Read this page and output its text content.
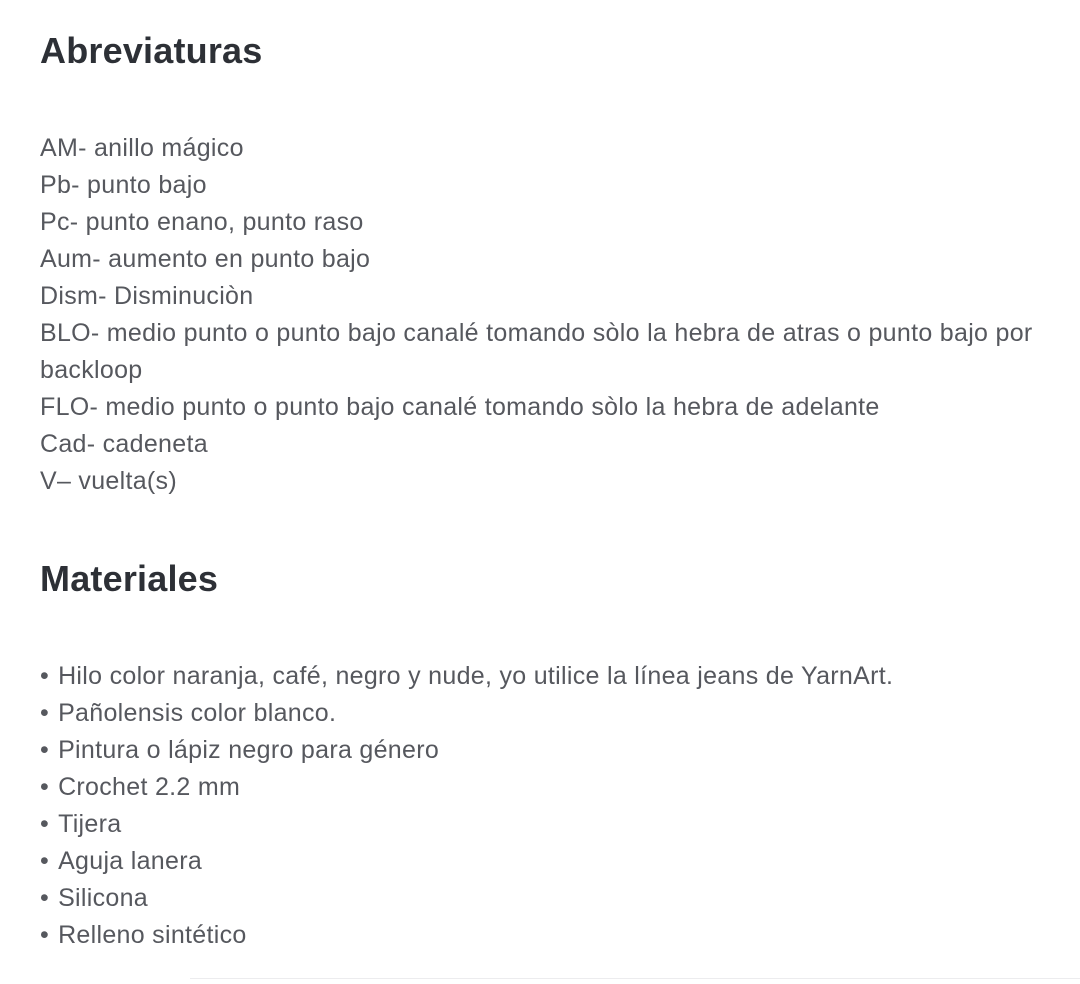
Abreviaturas

AM- anillo mágico

Pb- punto bajo

Pc- punto enano, punto raso

Aum- aumento en punto bajo

Dism- Disminuciòn

BLO- medio punto o punto bajo canalé tomando sòlo la hebra de atras o punto bajo por backloop

FLO- medio punto o punto bajo canalé tomando sòlo la hebra de adelante

Cad- cadeneta

V– vuelta(s)

Materiales

• Hilo color naranja, café, negro y nude, yo utilice la línea jeans de YarnArt.

• Pañolensis color blanco.

• Pintura o lápiz negro para género

• Crochet 2.2 mm

• Tijera

• Aguja lanera

• Silicona

• Relleno sintético
